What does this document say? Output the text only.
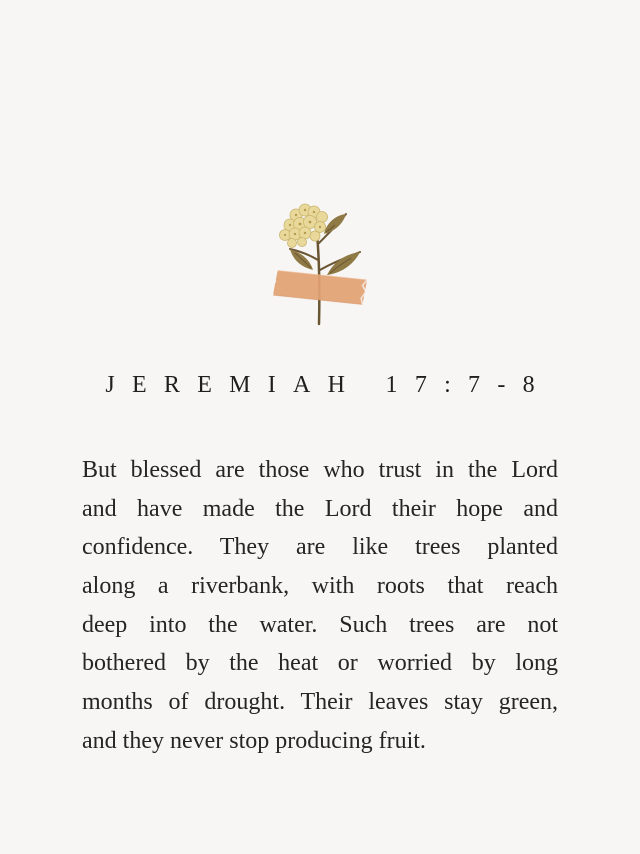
JEREMIAH 17:7-8
But blessed are those who trust in the Lord
and have made the Lord their hope and
confidence. They are like trees planted
along a riverbank, with roots that reach
deep into the water. Such trees are not
bothered by the heat or worried by long
months of drought. Their leaves stay green,
and they never stop producing fruit.
